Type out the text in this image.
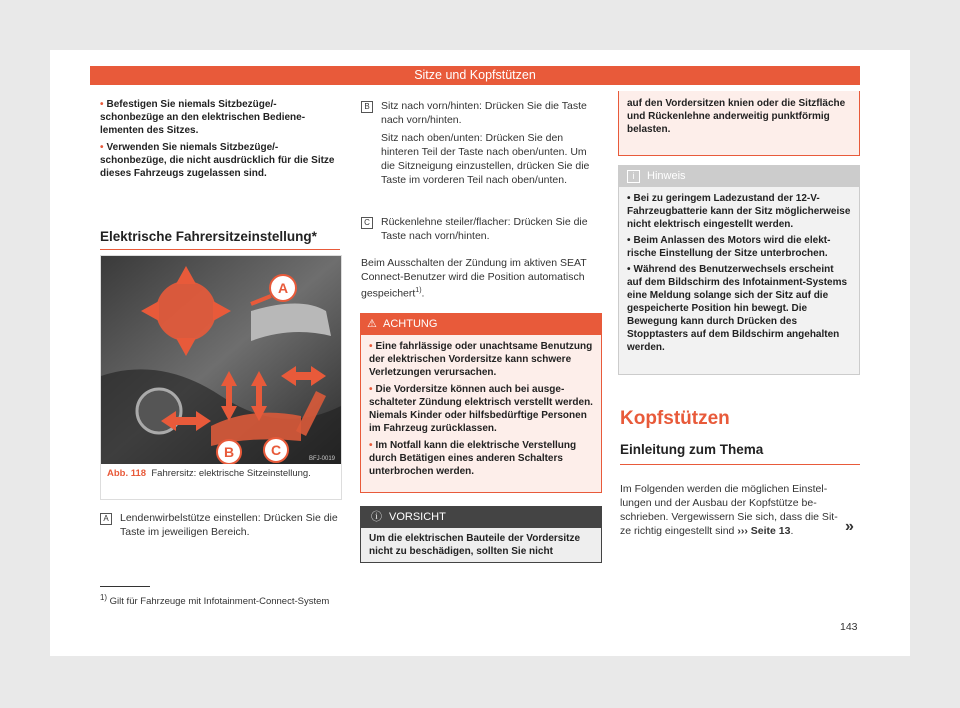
Sitze und Kopfstützen

• Befestigen Sie niemals Sitzbezüge/-schonbezüge an den elektrischen Bedienelementen des Sitzes.

• Verwenden Sie niemals Sitzbezüge/-schonbezüge, die nicht ausdrücklich für die Sitze dieses Fahrzeugs zugelassen sind.

Elektrische Fahrersitzeinstellung*
A
B	C
BFJ-0019
Abb. 118 Fahrersitz: elektrische Sitzeinstellung.
A	Lendenwirbelstütze einstellen: Drücken Sie die Taste im jeweiligen Bereich.
$^{1)}$ Gilt für Fahrzeuge mit Infotainment-Connect-System
B	Sitz nach vorn/hinten: Drücken Sie die Taste nach vorn/hinten.
Sitz nach oben/unten: Drücken Sie den hinteren Teil der Taste nach oben/unten. Um die Sitzneigung einzustellen, drücken Sie die Taste im vorderen Teil nach oben/unten.
C Rückenlehne steiler/flacher: Drücken Sie die Taste nach vorn/hinten.
Beim Ausschalten der Zündung im aktiven SEAT Connect-Benutzer wird die Position automatisch gespeichert$^{1)}$.
⚠ ACHTUNG

• Eine fahrlässige oder unachtsame Benutzung der elektrischen Vordersitze kann schwere Verletzungen verursachen.

• Die Vordersitze können auch bei ausgeschalteter Zündung elektrisch verstellt werden. Niemals Kinder oder hilfsbedürftige Personen im Fahrzeug zurücklassen.

• Im Notfall kann die elektrische Verstellung durch Betätigen eines anderen Schalters unterbrochen werden.

ⓘ VORSICHT
Um die elektrischen Bauteile der Vordersitze nicht zu beschädigen, sollten Sie nicht
auf den Vordersitzen knien oder die Sitzfläche und Rückenlehne anderweitig punktförmig belasten.
i	Hinweis

• Bei zu geringem Ladezustand der 12-V-Fahrzeugbatterie kann der Sitz möglicherweise nicht elektrisch eingestellt werden.

• Beim Anlassen des Motors wird die elektrische Einstellung der Sitze unterbrochen.

• Während des Benutzerwechsels erscheint auf dem Bildschirm des Infotainment-Systems eine Meldung solange sich der Sitz auf die gespeicherte Position hin bewegt. Die Bewegung kann durch Drücken des Stopptasters auf dem Bildschirm angehalten werden.

Kopfstützen
Einleitung zum Thema
Im Folgenden werden die möglichen Einstellungen und der Ausbau der Kopfstütze beschrieben. Vergewissern Sie sich, dass die Sitze richtig eingestellt sind ››› Seite 13.	»
143
